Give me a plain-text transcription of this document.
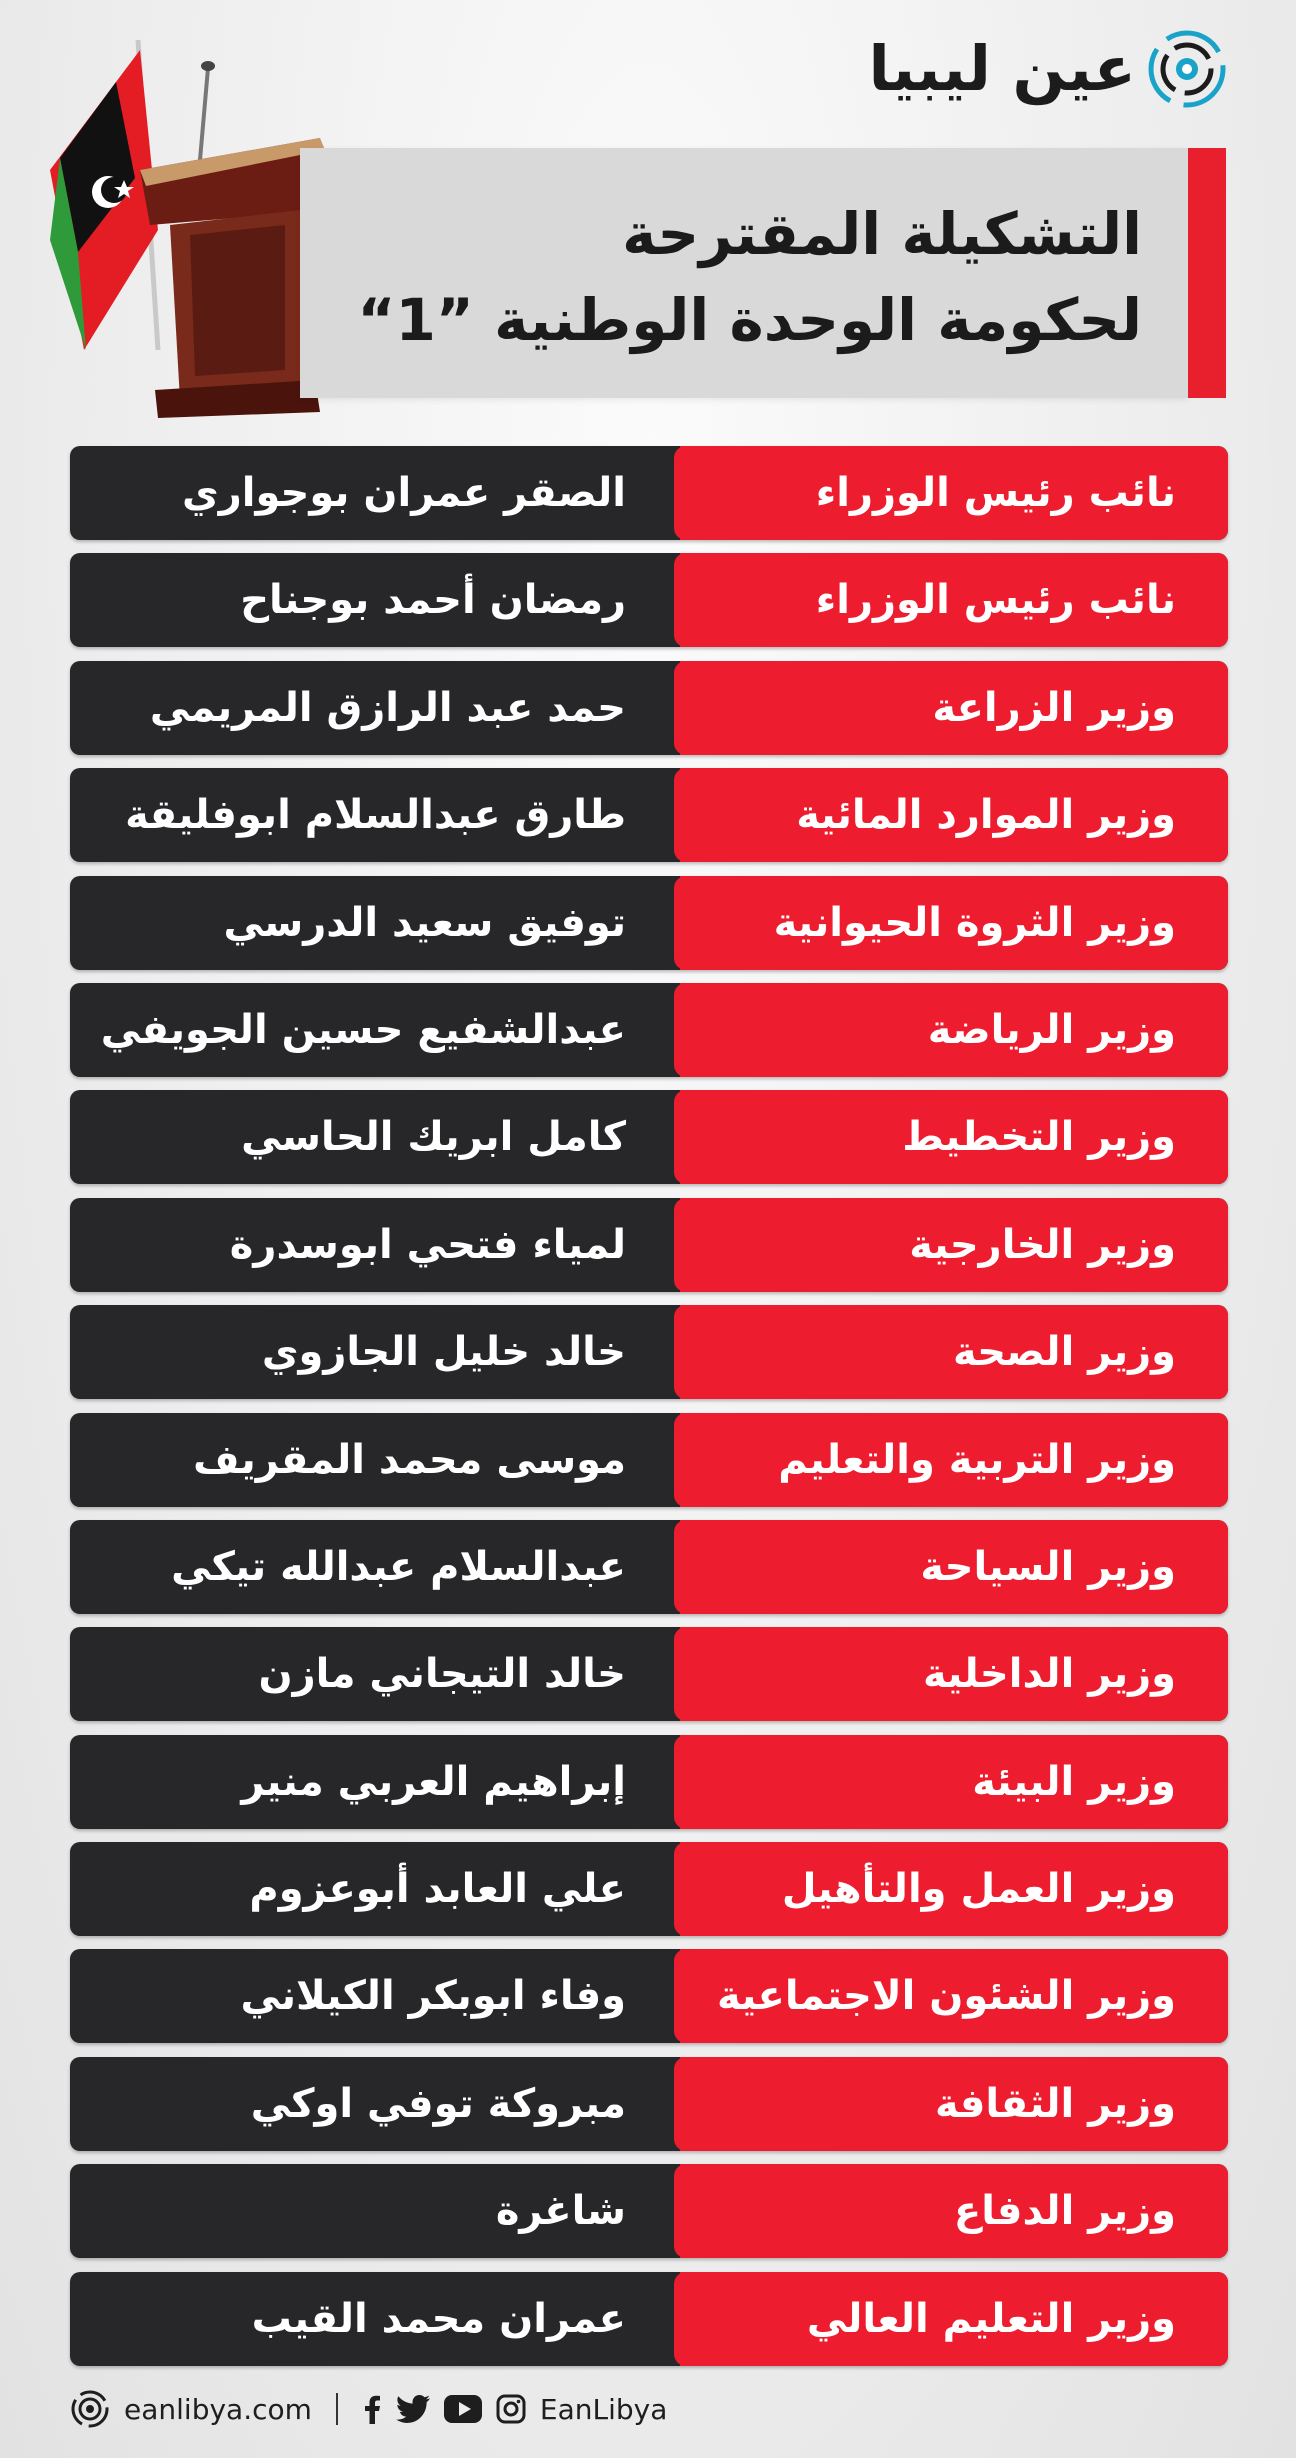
عين ليبيا
التشكيلة المقترحة
لحكومة الوحدة الوطنية ”1“
الصقر عمران بوجواري	نائب رئيس الوزراء
رمضان أحمد بوجناح	نائب رئيس الوزراء
حمد عبد الرازق المريمي	وزير الزراعة
طارق عبدالسلام ابوفليقة	وزير الموارد المائية
توفيق سعيد الدرسي	وزير الثروة الحيوانية
عبدالشفيع حسين الجويفي	وزير الرياضة
كامل ابريك الحاسي	وزير التخطيط
لمياء فتحي ابوسدرة	وزير الخارجية
خالد خليل الجازوي	وزير الصحة
موسى محمد المقريف	وزير التربية والتعليم
عبدالسلام عبدالله تيكي	وزير السياحة
خالد التيجاني مازن	وزير الداخلية
إبراهيم العربي منير	وزير البيئة
علي العابد أبوعزوم	وزير العمل والتأهيل
وفاء ابوبكر الكيلاني	وزير الشئون الاجتماعية
مبروكة توفي اوكي	وزير الثقافة
شاغرة	وزير الدفاع
عمران محمد القيب	وزير التعليم العالي
eanlibya.com	EanLibya
